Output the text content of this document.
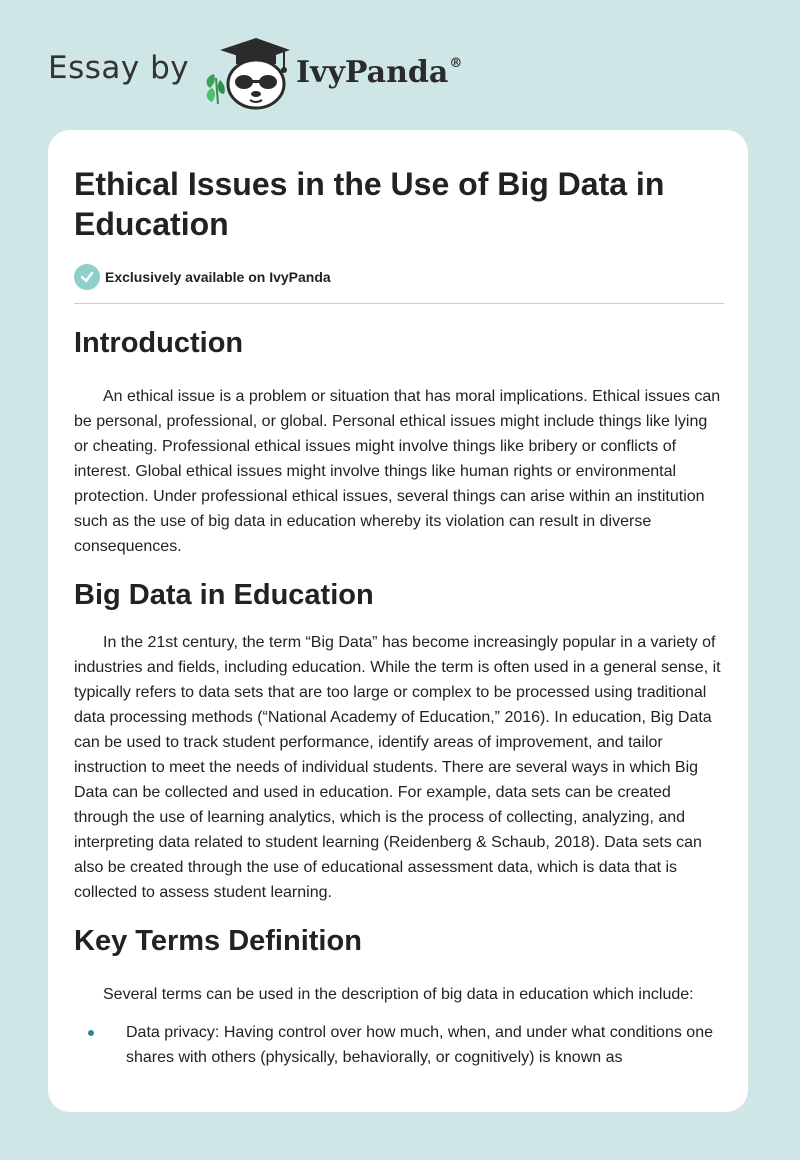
Essay by	IvyPanda®
Ethical Issues in the Use of Big Data in Education
Exclusively available on IvyPanda
Introduction

An ethical issue is a problem or situation that has moral implications. Ethical issues can be personal, professional, or global. Personal ethical issues might include things like lying or cheating. Professional ethical issues might involve things like bribery or conflicts of interest. Global ethical issues might involve things like human rights or environmental protection. Under professional ethical issues, several things can arise within an institution such as the use of big data in education whereby its violation can result in diverse consequences.

Big Data in Education

In the 21st century, the term “Big Data” has become increasingly popular in a variety of industries and fields, including education. While the term is often used in a general sense, it typically refers to data sets that are too large or complex to be processed using traditional data processing methods (“National Academy of Education,” 2016). In education, Big Data can be used to track student performance, identify areas of improvement, and tailor instruction to meet the needs of individual students. There are several ways in which Big Data can be collected and used in education. For example, data sets can be created through the use of learning analytics, which is the process of collecting, analyzing, and interpreting data related to student learning (Reidenberg & Schaub, 2018). Data sets can also be created through the use of educational assessment data, which is data that is collected to assess student learning.

Key Terms Definition

Several terms can be used in the description of big data in education which include:

Data privacy: Having control over how much, when, and under what conditions one shares with others (physically, behaviorally, or cognitively) is known as
